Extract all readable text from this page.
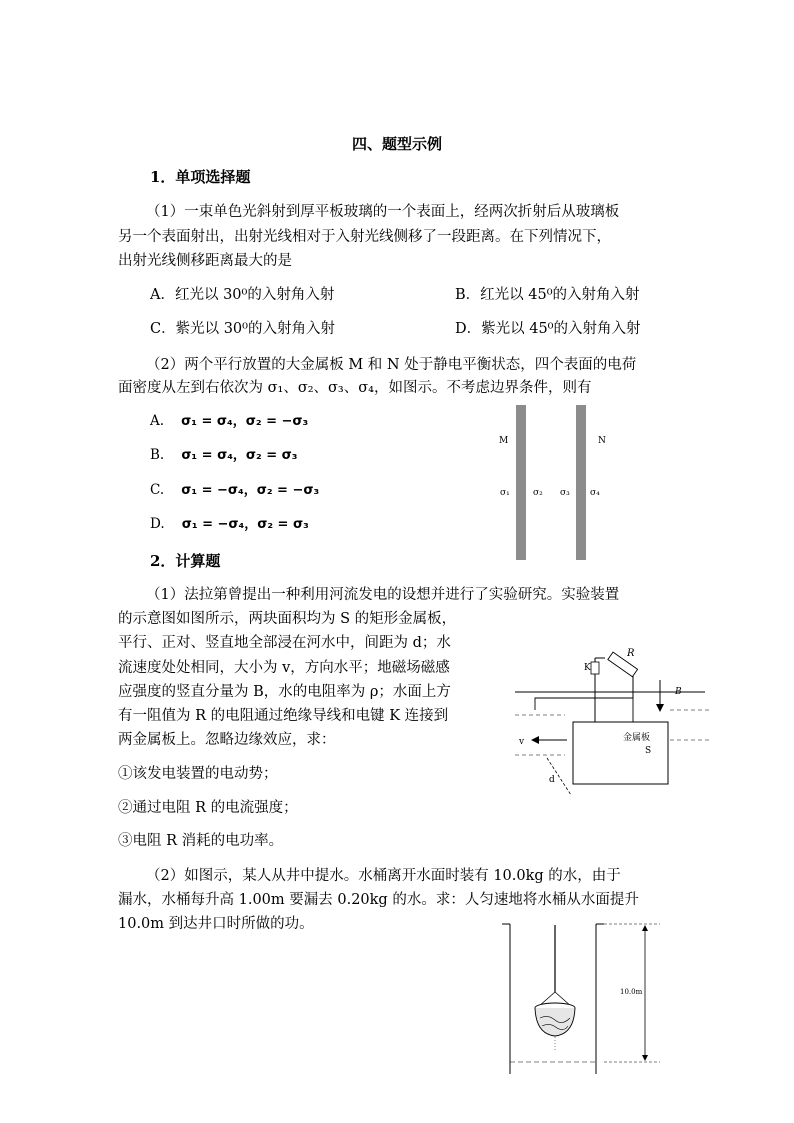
四、题型示例
1．单项选择题
（1）一束单色光斜射到厚平板玻璃的一个表面上，经两次折射后从玻璃板
另一个表面射出，出射光线相对于入射光线侧移了一段距离。在下列情况下，
出射光线侧移距离最大的是
A．红光以 30⁰的入射角入射	B．红光以 45⁰的入射角入射
C．紫光以 30⁰的入射角入射	D．紫光以 45⁰的入射角入射
（2）两个平行放置的大金属板 M 和 N 处于静电平衡状态，四个表面的电荷
面密度从左到右依次为 σ₁、σ₂、σ₃、σ₄，如图示。不考虑边界条件，则有
A. σ₁ = σ₄，σ₂ = −σ₃
B. σ₁ = σ₄，σ₂ = σ₃
C. σ₁ = −σ₄，σ₂ = −σ₃
D. σ₁ = −σ₄，σ₂ = σ₃
M	N
σ₁	σ₂ σ₃ σ₄
2．计算题
（1）法拉第曾提出一种利用河流发电的设想并进行了实验研究。实验装置
的示意图如图所示，两块面积均为 S 的矩形金属板，
平行、正对、竖直地全部浸在河水中，间距为 d；水
流速度处处相同，大小为 v，方向水平；地磁场磁感
应强度的竖直分量为 B，水的电阻率为 ρ；水面上方
有一阻值为 R 的电阻通过绝缘导线和电键 K 连接到
两金属板上。忽略边缘效应，求：
①该发电装置的电动势；
②通过电阻 R 的电流强度；
③电阻 R 消耗的电功率。
R
K
B
v	金属板
S
d
（2）如图示，某人从井中提水。水桶离开水面时装有 10.0kg 的水，由于
漏水，水桶每升高 1.00m 要漏去 0.20kg 的水。求：人匀速地将水桶从水面提升
10.0m 到达井口时所做的功。
10.0m
